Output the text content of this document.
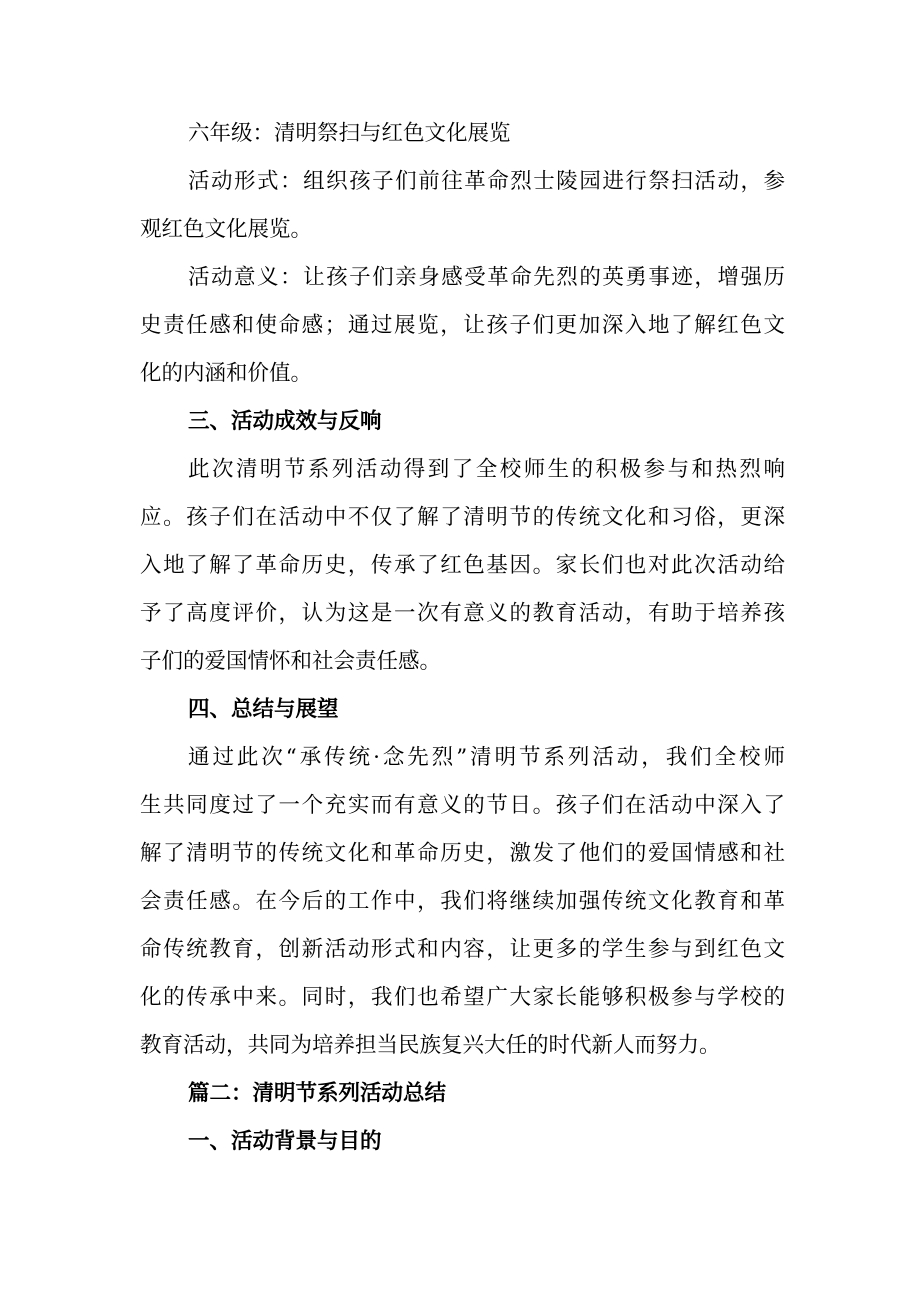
六年级：清明祭扫与红色文化展览
活动形式：组织孩子们前往革命烈士陵园进行祭扫活动，参
观红色文化展览。
活动意义：让孩子们亲身感受革命先烈的英勇事迹，增强历
史责任感和使命感；通过展览，让孩子们更加深入地了解红色文
化的内涵和价值。
三、活动成效与反响
此次清明节系列活动得到了全校师生的积极参与和热烈响
应。孩子们在活动中不仅了解了清明节的传统文化和习俗，更深
入地了解了革命历史，传承了红色基因。家长们也对此次活动给
予了高度评价，认为这是一次有意义的教育活动，有助于培养孩
子们的爱国情怀和社会责任感。
四、总结与展望
通过此次“承传统·念先烈”清明节系列活动，我们全校师
生共同度过了一个充实而有意义的节日。孩子们在活动中深入了
解了清明节的传统文化和革命历史，激发了他们的爱国情感和社
会责任感。在今后的工作中，我们将继续加强传统文化教育和革
命传统教育，创新活动形式和内容，让更多的学生参与到红色文
化的传承中来。同时，我们也希望广大家长能够积极参与学校的
教育活动，共同为培养担当民族复兴大任的时代新人而努力。
篇二：清明节系列活动总结
一、活动背景与目的
